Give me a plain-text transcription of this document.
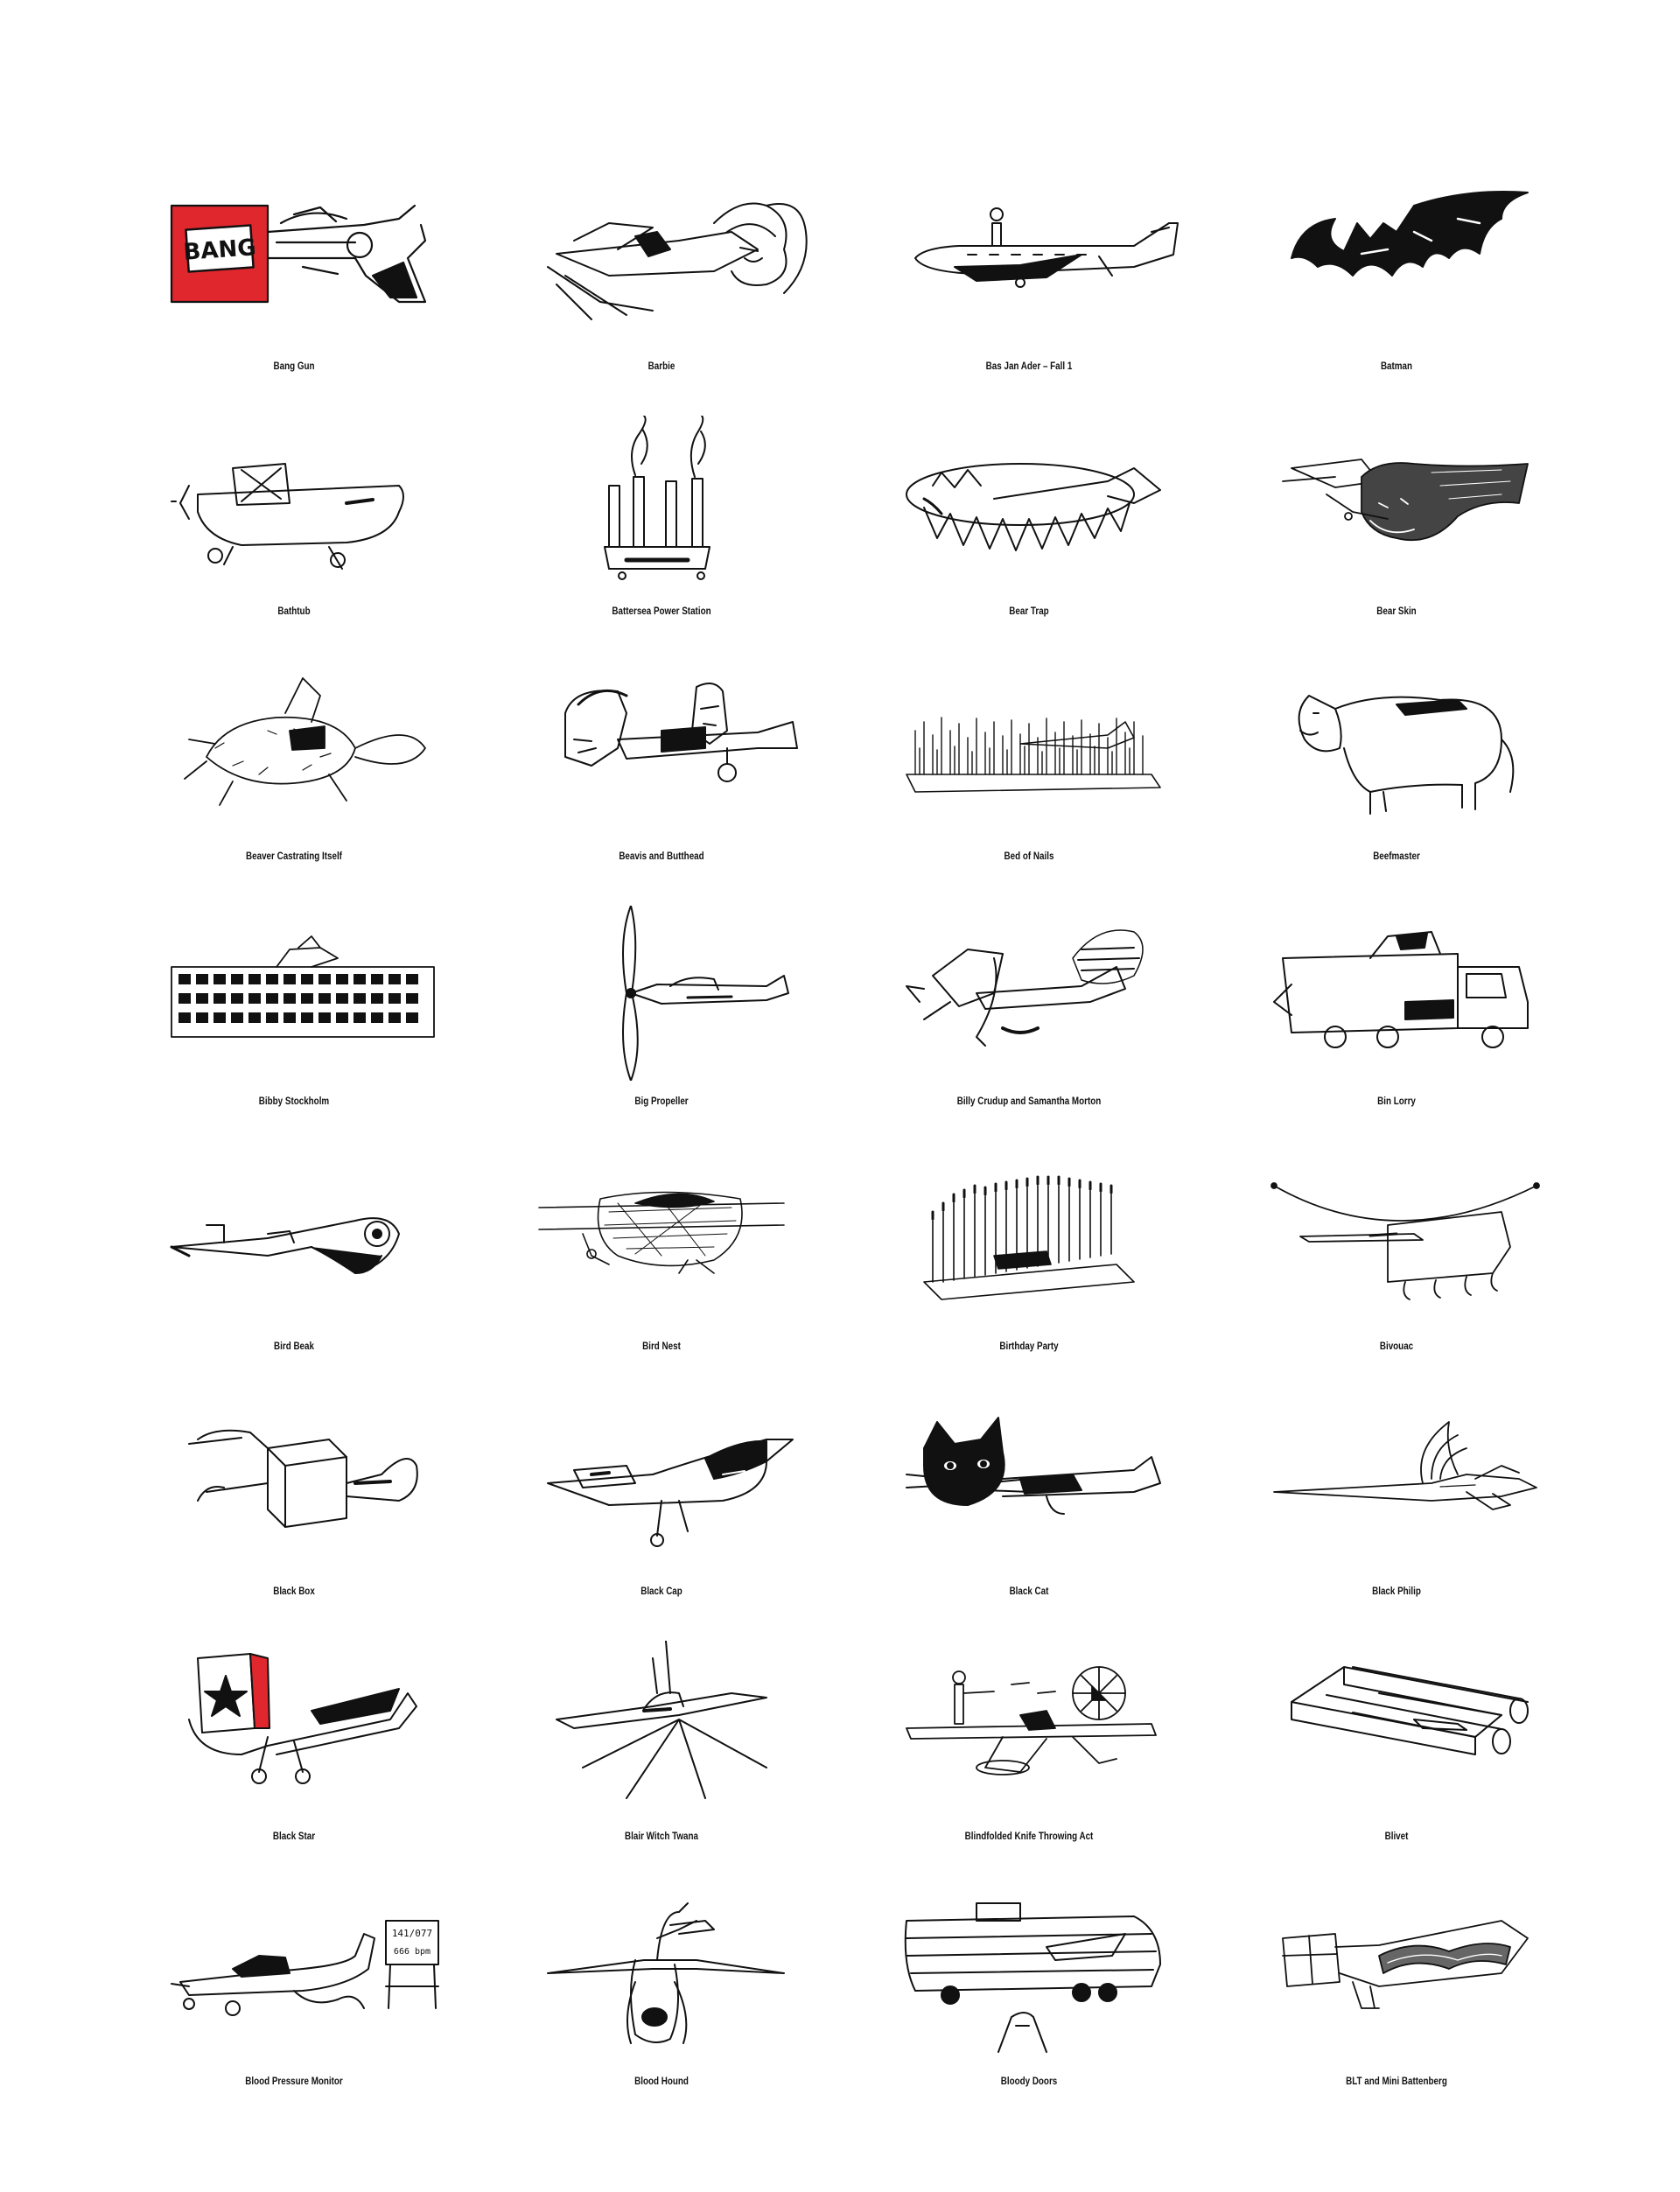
BANG
Bang Gun	Barbie	Bas Jan Ader – Fall 1	Batman
Bathtub	Battersea Power Station	Bear Trap	Bear Skin
Beaver Castrating Itself	Beavis and Butthead	Bed of Nails	Beefmaster
Bibby Stockholm	Big Propeller	Billy Crudup and Samantha Morton	Bin Lorry
Bird Beak	Bird Nest	Birthday Party	Bivouac
Black Box	Black Cap	Black Cat	Black Philip
Black Star	Blair Witch Twana	Blindfolded Knife Throwing Act	Blivet
141/077
666 bpm
Blood Pressure Monitor	Blood Hound	Bloody Doors	BLT and Mini Battenberg
